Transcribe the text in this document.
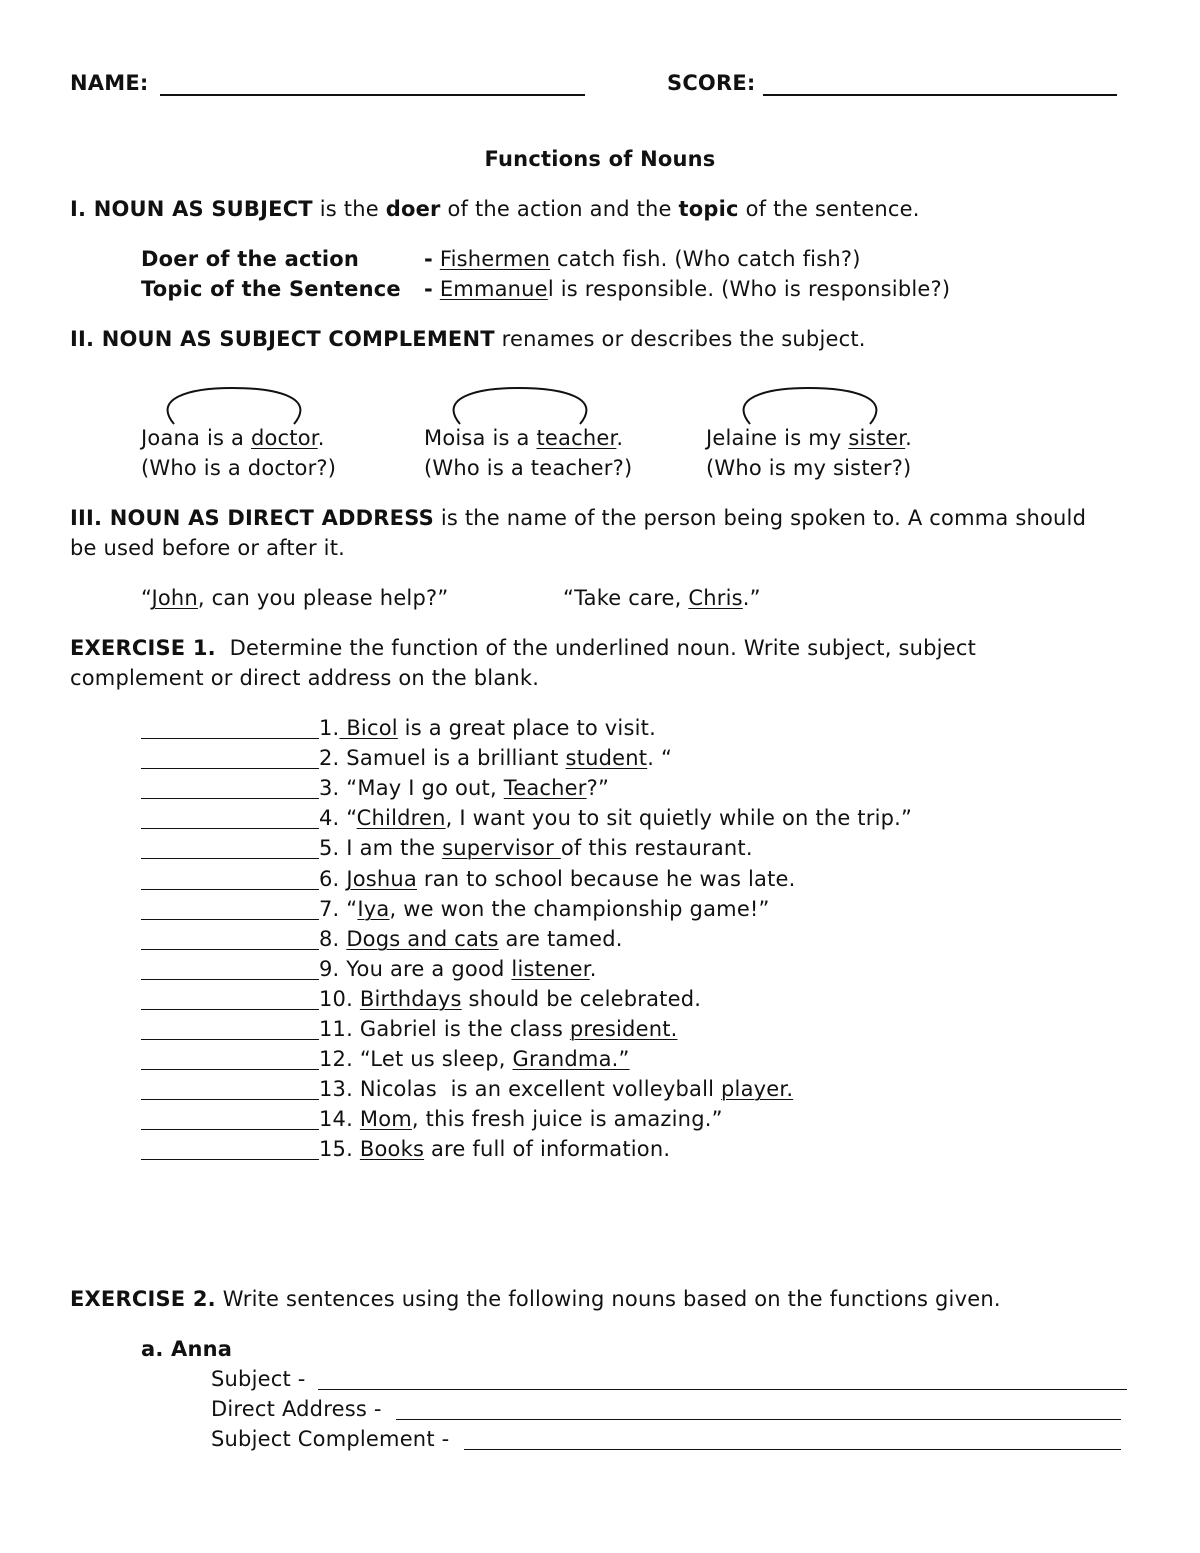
NAME:	SCORE:
Functions of Nouns
I. NOUN AS SUBJECT is the doer of the action and the topic of the sentence.
Doer of the action	- Fishermen catch fish. (Who catch fish?)
Topic of the Sentence - Emmanuel is responsible. (Who is responsible?)
II. NOUN AS SUBJECT COMPLEMENT renames or describes the subject.
Joana is a doctor.
(Who is a doctor?)
Moisa is a teacher.
(Who is a teacher?)
Jelaine is my sister.
(Who is my sister?)
III. NOUN AS DIRECT ADDRESS is the name of the person being spoken to. A comma should
be used before or after it.
“John, can you please help?”	“Take care, Chris.”
EXERCISE 1.  Determine the function of the underlined noun. Write subject, subject
complement or direct address on the blank.
1. Bicol is a great place to visit.
2. Samuel is a brilliant student. “
3. “May I go out, Teacher?”
4. “Children, I want you to sit quietly while on the trip.”
5. I am the supervisor of this restaurant.
6. Joshua ran to school because he was late.
7. “Iya, we won the championship game!”
8. Dogs and cats are tamed.
9. You are a good listener.
10. Birthdays should be celebrated.
11. Gabriel is the class president.
12. “Let us sleep, Grandma.”
13. Nicolas  is an excellent volleyball player.
14. Mom, this fresh juice is amazing.”
15. Books are full of information.
EXERCISE 2. Write sentences using the following nouns based on the functions given.
a. Anna
Subject -
Direct Address -
Subject Complement -
